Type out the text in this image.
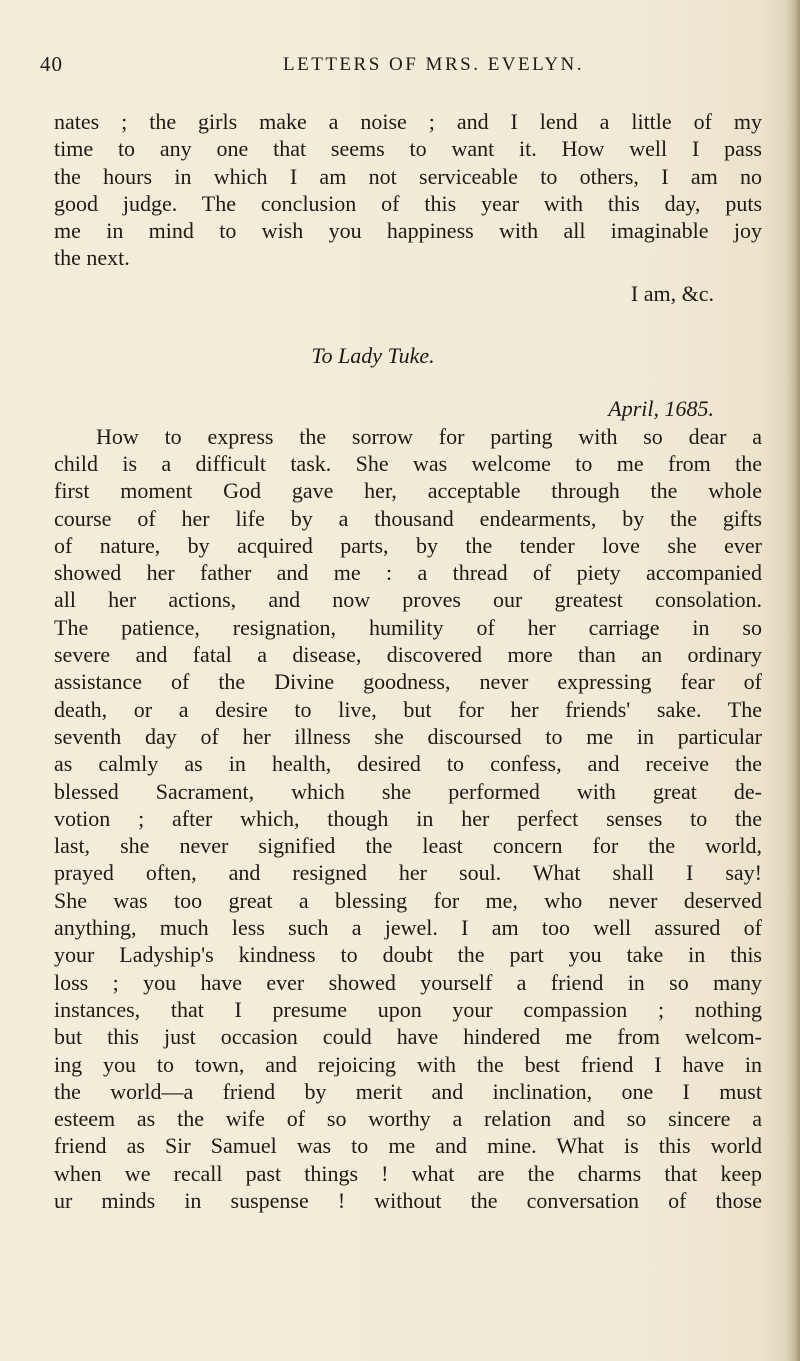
40	LETTERS OF MRS. EVELYN.
nates ; the girls make a noise ; and I lend a little of my
time to any one that seems to want it. How well I pass
the hours in which I am not serviceable to others, I am no
good judge. The conclusion of this year with this day, puts
me in mind to wish you happiness with all imaginable joy
the next.
I am, &c.
To Lady Tuke.
April, 1685.
How to express the sorrow for parting with so dear a
child is a difficult task. She was welcome to me from the
first moment God gave her, acceptable through the whole
course of her life by a thousand endearments, by the gifts
of nature, by acquired parts, by the tender love she ever
showed her father and me : a thread of piety accompanied
all her actions, and now proves our greatest consolation.
The patience, resignation, humility of her carriage in so
severe and fatal a disease, discovered more than an ordinary
assistance of the Divine goodness, never expressing fear of
death, or a desire to live, but for her friends' sake. The
seventh day of her illness she discoursed to me in particular
as calmly as in health, desired to confess, and receive the
blessed Sacrament, which she performed with great de-
votion ; after which, though in her perfect senses to the
last, she never signified the least concern for the world,
prayed often, and resigned her soul. What shall I say!
She was too great a blessing for me, who never deserved
anything, much less such a jewel. I am too well assured of
your Ladyship's kindness to doubt the part you take in this
loss ; you have ever showed yourself a friend in so many
instances, that I presume upon your compassion ; nothing
but this just occasion could have hindered me from welcom-
ing you to town, and rejoicing with the best friend I have in
the world—a friend by merit and inclination, one I must
esteem as the wife of so worthy a relation and so sincere a
friend as Sir Samuel was to me and mine. What is this world
when we recall past things ! what are the charms that keep
ur minds in suspense ! without the conversation of those
